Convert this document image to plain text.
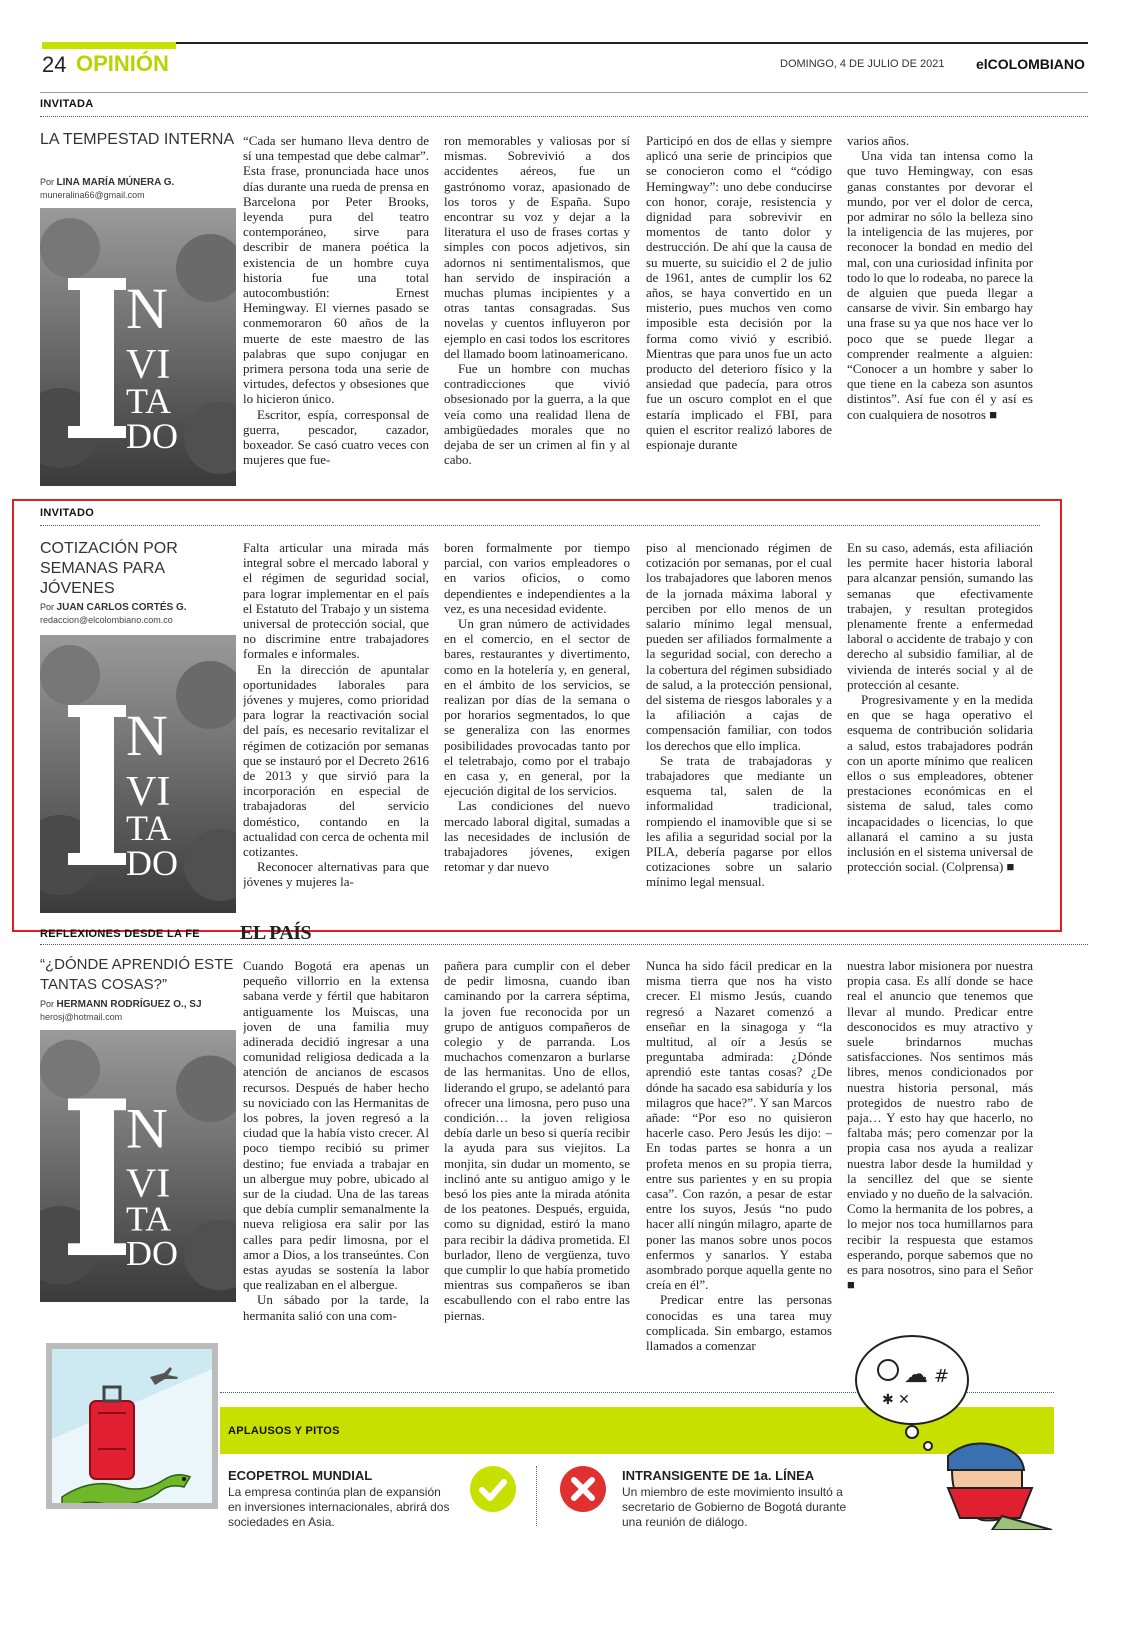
24 OPINIÓN	DOMINGO, 4 DE JULIO DE 2021 elCOLOMBIANO
INVITADA
LA TEMPESTAD INTERNA
Por LINA MARÍA MÚNERA G.
muneralina66@gmail.com
N
VI
TA
DO

“Cada ser humano lleva dentro de sí una tempestad que debe calmar”. Esta frase, pronunciada hace unos días durante una rueda de prensa en Barcelona por Peter Brooks, leyenda pura del teatro contemporáneo, sirve para describir de manera poética la existencia de un hombre cuya historia fue una total autocombustión: Ernest Hemingway. El viernes pasado se conmemoraron 60 años de la muerte de este maestro de las palabras que supo conjugar en primera persona toda una serie de virtudes, defectos y obsesiones que lo hicieron único.

Escritor, espía, corresponsal de guerra, pescador, cazador, boxeador. Se casó cuatro veces con mujeres que fue-

ron memorables y valiosas por sí mismas. Sobrevivió a dos accidentes aéreos, fue un gastrónomo voraz, apasionado de los toros y de España. Supo encontrar su voz y dejar a la literatura el uso de frases cortas y simples con pocos adjetivos, sin adornos ni sentimentalismos, que han servido de inspiración a muchas plumas incipientes y a otras tantas consagradas. Sus novelas y cuentos influyeron por ejemplo en casi todos los escritores del llamado boom latinoamericano.

Fue un hombre con muchas contradicciones que vivió obsesionado por la guerra, a la que veía como una realidad llena de ambigüedades morales que no dejaba de ser un crimen al fin y al cabo.

Participó en dos de ellas y siempre aplicó una serie de principios que se conocieron como el “código Hemingway”: uno debe conducirse con honor, coraje, resistencia y dignidad para sobrevivir en momentos de tanto dolor y destrucción. De ahí que la causa de su muerte, su suicidio el 2 de julio de 1961, antes de cumplir los 62 años, se haya convertido en un misterio, pues muchos ven como imposible esta decisión por la forma como vivió y escribió. Mientras que para unos fue un acto producto del deterioro físico y la ansiedad que padecía, para otros fue un oscuro complot en el que estaría implicado el FBI, para quien el escritor realizó labores de espionaje durante

varios años.

Una vida tan intensa como la que tuvo Hemingway, con esas ganas constantes por devorar el mundo, por ver el dolor de cerca, por admirar no sólo la belleza sino la inteligencia de las mujeres, por reconocer la bondad en medio del mal, con una curiosidad infinita por todo lo que lo rodeaba, no parece la de alguien que pueda llegar a cansarse de vivir. Sin embargo hay una frase su ya que nos hace ver lo poco que se puede llegar a comprender realmente a alguien: “Conocer a un hombre y saber lo que tiene en la cabeza son asuntos distintos”. Así fue con él y así es con cualquiera de nosotros ■

INVITADO
COTIZACIÓN POR SEMANAS PARA JÓVENES
Por JUAN CARLOS CORTÉS G.
redaccion@elcolombiano.com.co
N
VI
TA
DO

Falta articular una mirada más integral sobre el mercado laboral y el régimen de seguridad social, para lograr implementar en el país el Estatuto del Trabajo y un sistema universal de protección social, que no discrimine entre trabajadores formales e informales.

En la dirección de apuntalar oportunidades laborales para jóvenes y mujeres, como prioridad para lograr la reactivación social del país, es necesario revitalizar el régimen de cotización por semanas que se instauró por el Decreto 2616 de 2013 y que sirvió para la incorporación en especial de trabajadoras del servicio doméstico, contando en la actualidad con cerca de ochenta mil cotizantes.

Reconocer alternativas para que jóvenes y mujeres la-

boren formalmente por tiempo parcial, con varios empleadores o en varios oficios, o como dependientes e independientes a la vez, es una necesidad evidente.

Un gran número de actividades en el comercio, en el sector de bares, restaurantes y divertimento, como en la hotelería y, en general, en el ámbito de los servicios, se realizan por días de la semana o por horarios segmentados, lo que se generaliza con las enormes posibilidades provocadas tanto por el teletrabajo, como por el trabajo en casa y, en general, por la ejecución digital de los servicios.

Las condiciones del nuevo mercado laboral digital, sumadas a las necesidades de inclusión de trabajadores jóvenes, exigen retomar y dar nuevo

piso al mencionado régimen de cotización por semanas, por el cual los trabajadores que laboren menos de la jornada máxima laboral y perciben por ello menos de un salario mínimo legal mensual, pueden ser afiliados formalmente a la seguridad social, con derecho a la cobertura del régimen subsidiado de salud, a la protección pensional, del sistema de riesgos laborales y a la afiliación a cajas de compensación familiar, con todos los derechos que ello implica.

Se trata de trabajadoras y trabajadores que mediante un esquema tal, salen de la informalidad tradicional, rompiendo el inamovible que si se les afilia a seguridad social por la PILA, debería pagarse por ellos cotizaciones sobre un salario mínimo legal mensual.

En su caso, además, esta afiliación les permite hacer historia laboral para alcanzar pensión, sumando las semanas que efectivamente trabajen, y resultan protegidos plenamente frente a enfermedad laboral o accidente de trabajo y con derecho al subsidio familiar, al de vivienda de interés social y al de protección al cesante.

Progresivamente y en la medida en que se haga operativo el esquema de contribución solidaria a salud, estos trabajadores podrán con un aporte mínimo que realicen ellos o sus empleadores, obtener prestaciones económicas en el sistema de salud, tales como incapacidades o licencias, lo que allanará el camino a su justa inclusión en el sistema universal de protección social. (Colprensa) ■

REFLEXIONES DESDE LA FE EL PAÍS
“¿DÓNDE APRENDIÓ ESTE TANTAS COSAS?”
Por HERMANN RODRÍGUEZ O., SJ
herosj@hotmail.com
N
VI
TA
DO

Cuando Bogotá era apenas un pequeño villorrio en la extensa sabana verde y fértil que habitaron antiguamente los Muiscas, una joven de una familia muy adinerada decidió ingresar a una comunidad religiosa dedicada a la atención de ancianos de escasos recursos. Después de haber hecho su noviciado con las Hermanitas de los pobres, la joven regresó a la ciudad que la había visto crecer. Al poco tiempo recibió su primer destino; fue enviada a trabajar en un albergue muy pobre, ubicado al sur de la ciudad. Una de las tareas que debía cumplir semanalmente la nueva religiosa era salir por las calles para pedir limosna, por el amor a Dios, a los transeúntes. Con estas ayudas se sostenía la labor que realizaban en el albergue.

Un sábado por la tarde, la hermanita salió con una com-

pañera para cumplir con el deber de pedir limosna, cuando iban caminando por la carrera séptima, la joven fue reconocida por un grupo de antiguos compañeros de colegio y de parranda. Los muchachos comenzaron a burlarse de las hermanitas. Uno de ellos, liderando el grupo, se adelantó para ofrecer una limosna, pero puso una condición… la joven religiosa debía darle un beso si quería recibir la ayuda para sus viejitos. La monjita, sin dudar un momento, se inclinó ante su antiguo amigo y le besó los pies ante la mirada atónita de los peatones. Después, erguida, como su dignidad, estiró la mano para recibir la dádiva prometida. El burlador, lleno de vergüenza, tuvo que cumplir lo que había prometido mientras sus compañeros se iban escabullendo con el rabo entre las piernas.

Nunca ha sido fácil predicar en la misma tierra que nos ha visto crecer. El mismo Jesús, cuando regresó a Nazaret comenzó a enseñar en la sinagoga y “la multitud, al oír a Jesús se preguntaba admirada: ¿Dónde aprendió este tantas cosas? ¿De dónde ha sacado esa sabiduría y los milagros que hace?”. Y san Marcos añade: “Por eso no quisieron hacerle caso. Pero Jesús les dijo: –En todas partes se honra a un profeta menos en su propia tierra, entre sus parientes y en su propia casa”. Con razón, a pesar de estar entre los suyos, Jesús “no pudo hacer allí ningún milagro, aparte de poner las manos sobre unos pocos enfermos y sanarlos. Y estaba asombrado porque aquella gente no creía en él”.

Predicar entre las personas conocidas es una tarea muy complicada. Sin embargo, estamos llamados a comenzar

nuestra labor misionera por nuestra propia casa. Es allí donde se hace real el anuncio que tenemos que llevar al mundo. Predicar entre desconocidos es muy atractivo y suele brindarnos muchas satisfacciones. Nos sentimos más libres, menos condicionados por nuestra historia personal, más protegidos de nuestro rabo de paja… Y esto hay que hacerlo, no faltaba más; pero comenzar por la propia casa nos ayuda a realizar nuestra labor desde la humildad y la sencillez del que se siente enviado y no dueño de la salvación. Como la hermanita de los pobres, a lo mejor nos toca humillarnos para recibir la respuesta que estamos esperando, porque sabemos que no es para nosotros, sino para el Señor ■

APLAUSOS Y PITOS
ECOPETROL MUNDIAL
La empresa continúa plan de expansión en inversiones internacionales, abrirá dos sociedades en Asia.
INTRANSIGENTE DE 1a. LÍNEA
Un miembro de este movimiento insultó a secretario de Gobierno de Bogotá durante una reunión de diálogo.
☁ #
✱ ✕
